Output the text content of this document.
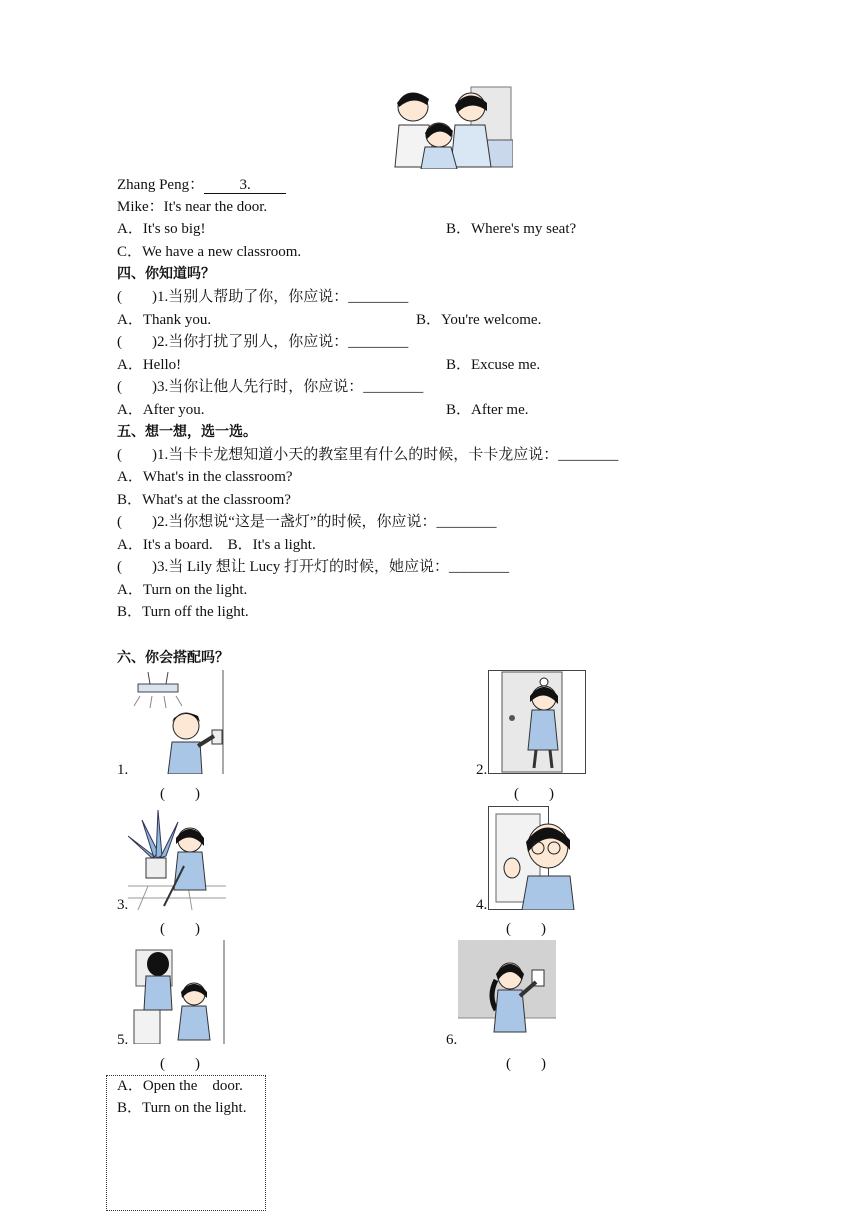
Zhang Peng： 3.
Mike：It's near the door.
A．It's so big!	B．Where's my seat?
C．We have a new classroom.
四、你知道吗？
(　　)1.当别人帮助了你，你应说：________
A．Thank you.	B．You're welcome.
(　　)2.当你打扰了别人，你应说：________
A．Hello!	B．Excuse me.
(　　)3.当你让他人先行时，你应说：________
A．After you.	B．After me.
五、想一想，选一选。
(　　)1.当卡卡龙想知道小天的教室里有什么的时候，卡卡龙应说：________
A．What's in the classroom?
B．What's at the classroom?
(　　)2.当你想说“这是一盏灯”的时候，你应说：________
A．It's a board.　B．It's a light.
(　　)3.当 Lily 想让 Lucy 打开灯的时候，她应说：________
A．Turn on the light.
B．Turn off the light.
六、你会搭配吗？
1.
(　　)
2.
(　　)
3.
(　　)
4.
(　　)
5.
(　　)
6.
(　　)
A．Open the　door.
B．Turn on the light.
